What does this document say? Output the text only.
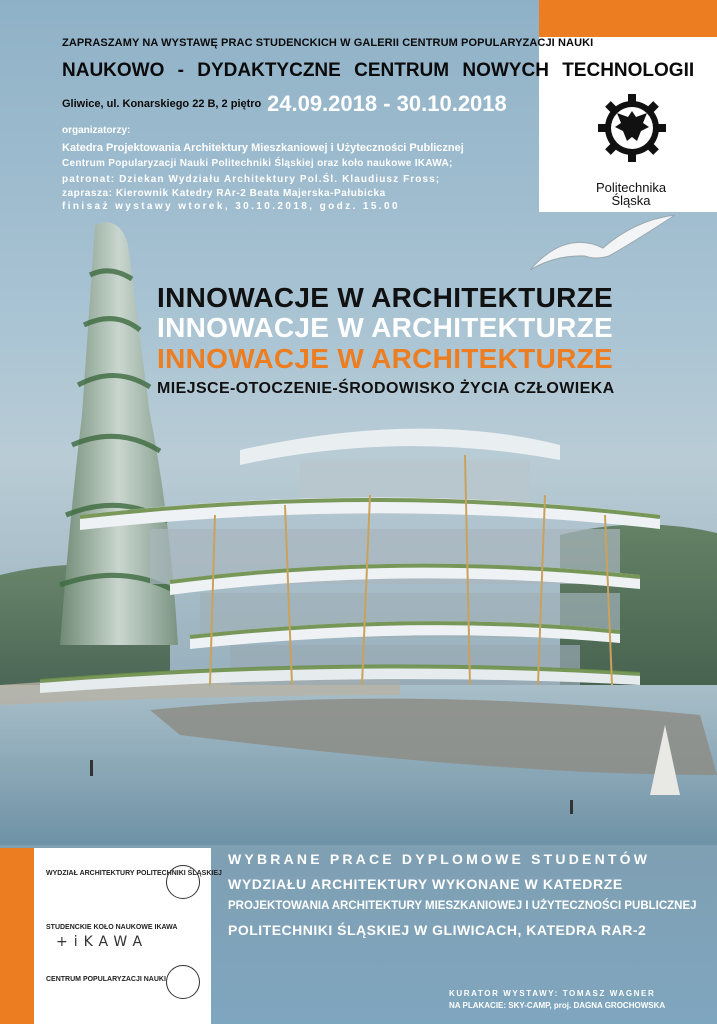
ZAPRASZAMY NA WYSTAWĘ PRAC STUDENCKICH W GALERII CENTRUM POPULARYZACJI NAUKI
NAUKOWO - DYDAKTYCZNE CENTRUM NOWYCH TECHNOLOGII
Gliwice, ul. Konarskiego 22 B, 2 piętro 24.09.2018 - 30.10.2018
organizatorzy:
Katedra Projektowania Architektury Mieszkaniowej i Użyteczności Publicznej
Centrum Popularyzacji Nauki Politechniki Śląskiej oraz koło naukowe IKAWA;
patronat: Dziekan Wydziału Architektury Pol.Śl. Klaudiusz Fross;
zaprasza: Kierownik Katedry RAr-2 Beata Majerska-Pałubicka
finisaż wystawy wtorek, 30.10.2018, godz. 15.00
Politechnika
Śląska
INNOWACJE W ARCHITEKTURZE
INNOWACJE W ARCHITEKTURZE
INNOWACJE W ARCHITEKTURZE
MIEJSCE-OTOCZENIE-ŚRODOWISKO ŻYCIA CZŁOWIEKA
WYDZIAŁ ARCHITEKTURY POLITECHNIKI ŚLĄSKIEJ
STUDENCKIE KOŁO NAUKOWE IKAWA
+iKAWA
CENTRUM POPULARYZACJI NAUKI
WYBRANE PRACE DYPLOMOWE STUDENTÓW
WYDZIAŁU ARCHITEKTURY WYKONANE W KATEDRZE
PROJEKTOWANIA ARCHITEKTURY MIESZKANIOWEJ I UŻYTECZNOŚCI PUBLICZNEJ
POLITECHNIKI ŚLĄSKIEJ W GLIWICACH, KATEDRA RAR-2
KURATOR WYSTAWY: TOMASZ WAGNER
NA PLAKACIE: SKY-CAMP, proj. DAGNA GROCHOWSKA
